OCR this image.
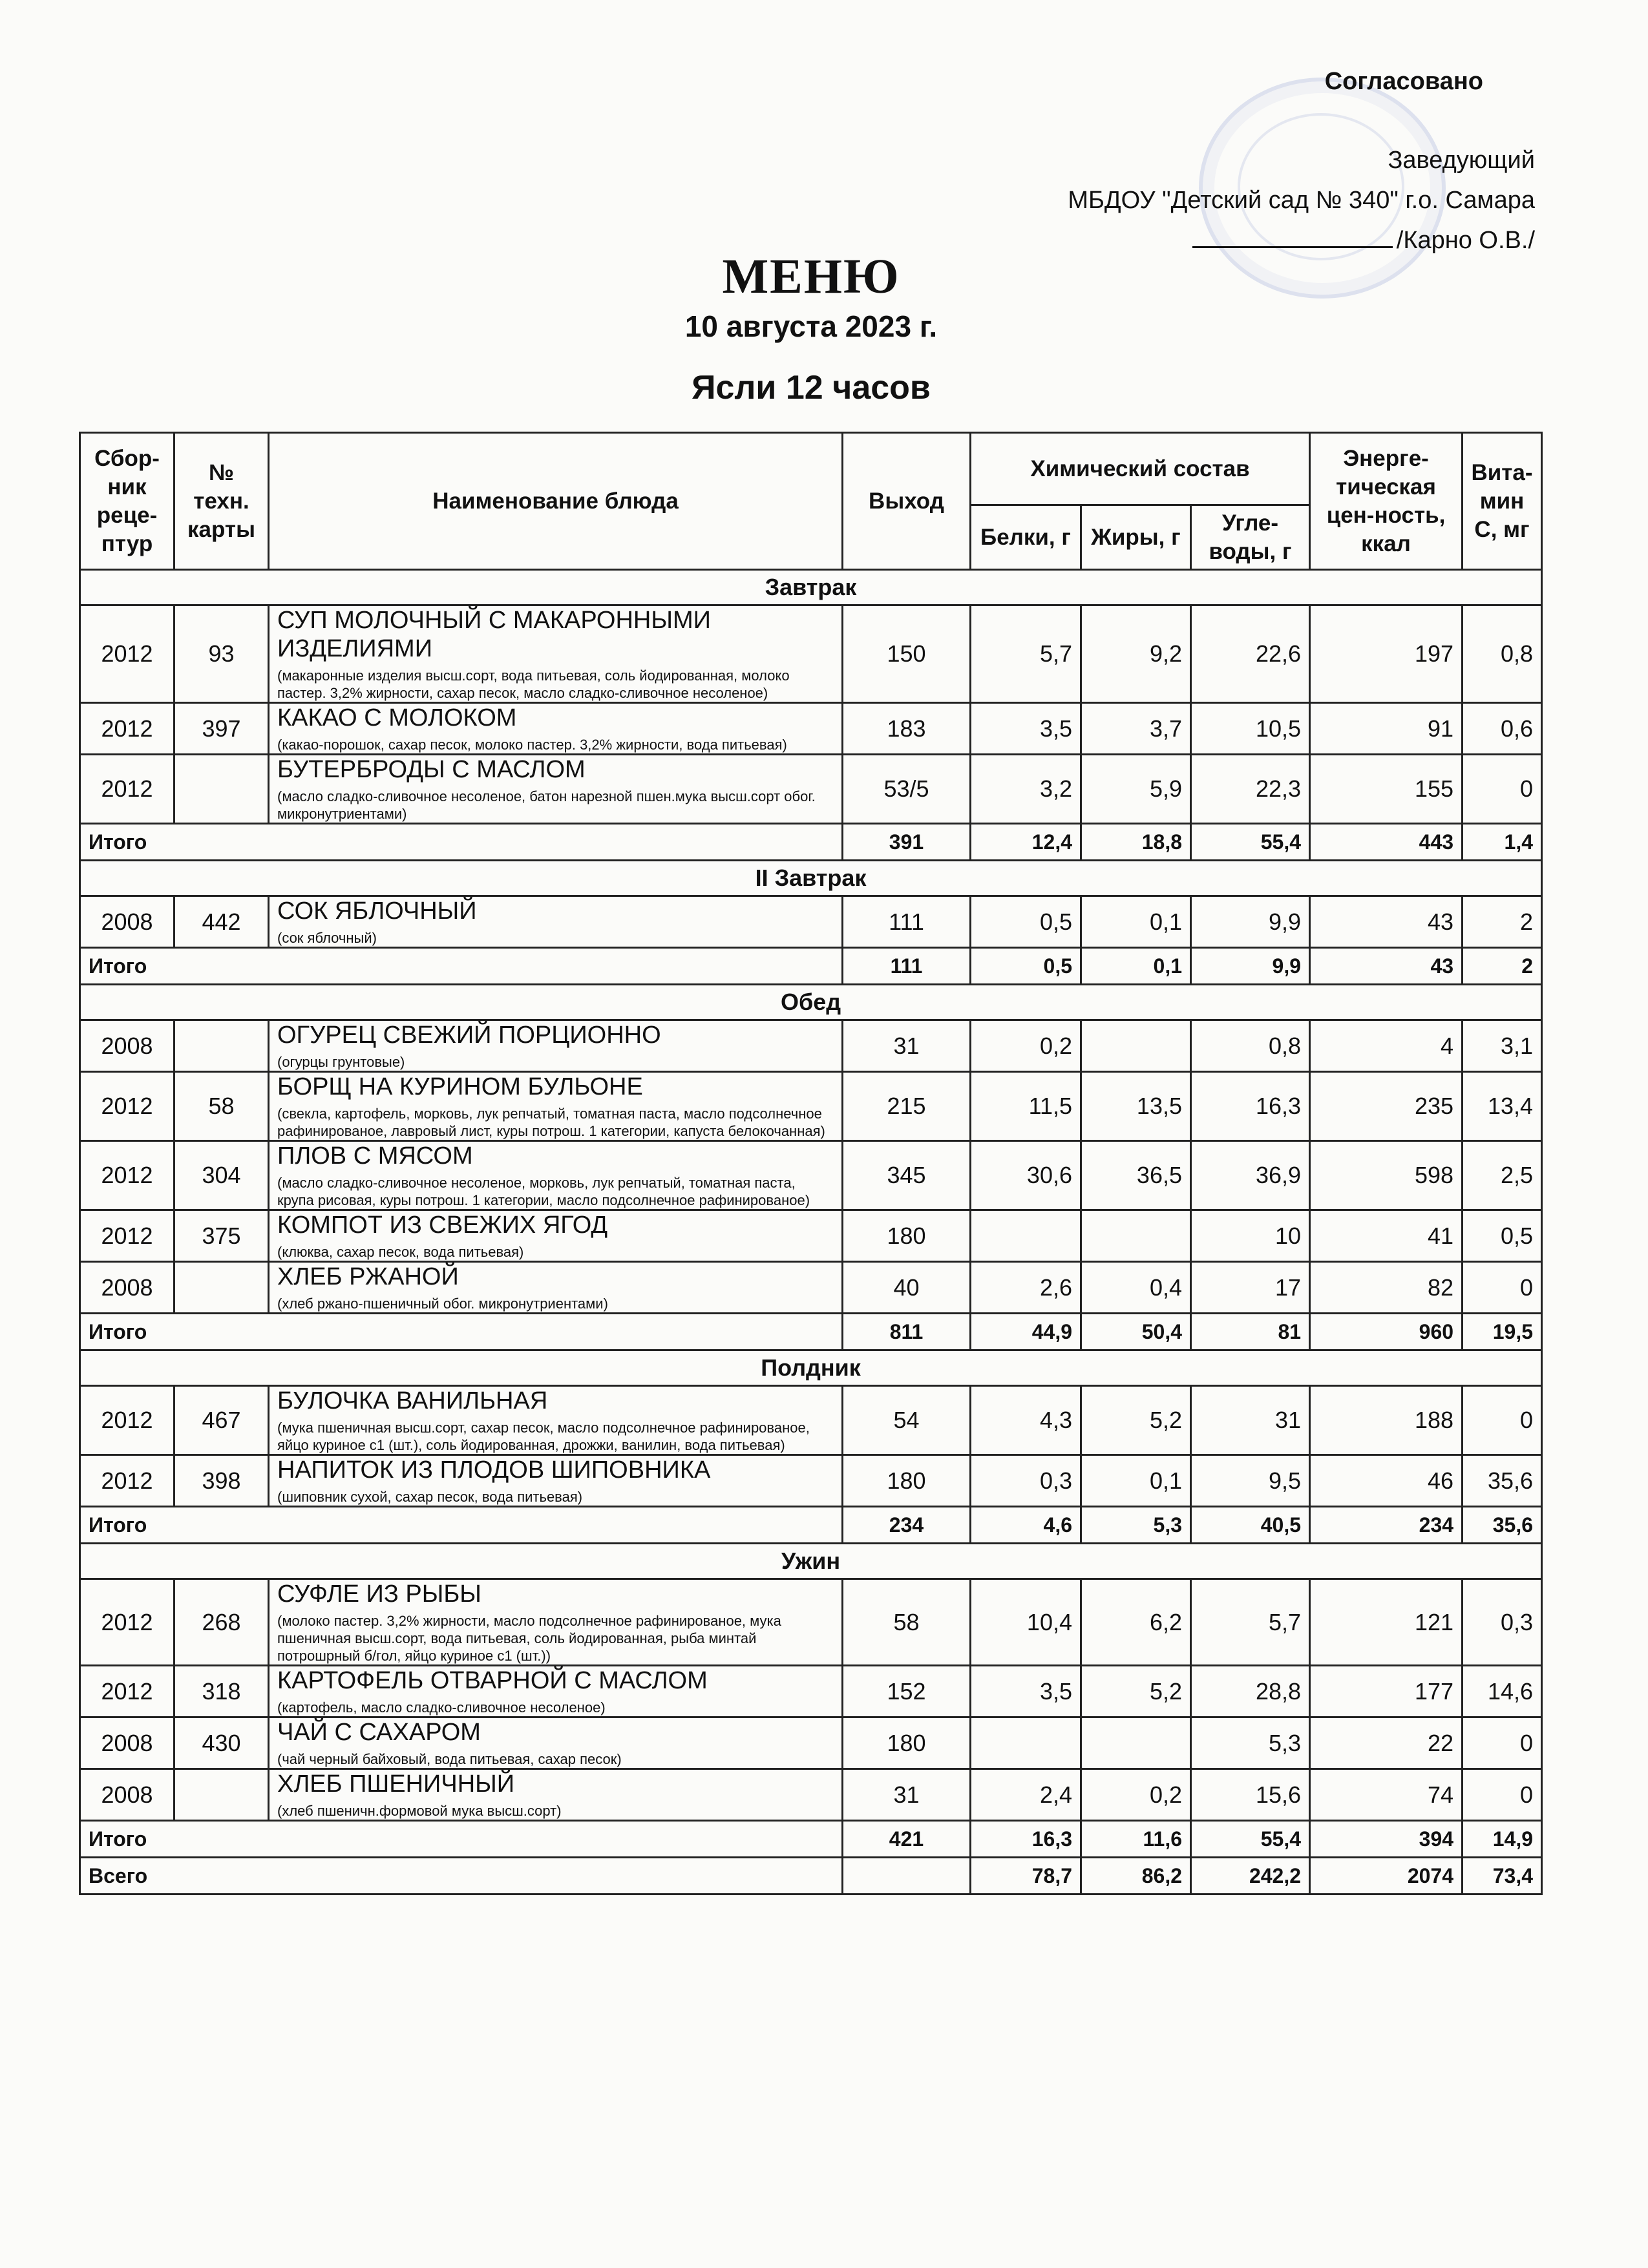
Согласовано
Заведующий
МБДОУ "Детский сад № 340" г.о. Самара
/Карно О.В./
МЕНЮ
10 августа 2023 г.
Ясли 12 часов
Сбор-ник реце-птур	№ техн. карты	Наименование блюда	Выход	Химический состав			Энерге-тическая цен-ность, ккал	Вита-мин С, мг
				Белки, г	Жиры, г	Угле-воды, г		
Завтрак								
2012	93	СУП МОЛОЧНЫЙ С МАКАРОННЫМИ ИЗДЕЛИЯМИ
(макаронные изделия высш.сорт, вода питьевая, соль йодированная, молоко пастер. 3,2% жирности, сахар песок, масло сладко-сливочное несоленое)	150	5,7	9,2	22,6	197	0,8
2012	397	КАКАО С МОЛОКОМ
(какао-порошок, сахар песок, молоко пастер. 3,2% жирности, вода питьевая)	183	3,5	3,7	10,5	91	0,6
2012		БУТЕРБРОДЫ С МАСЛОМ
(масло сладко-сливочное несоленое, батон нарезной пшен.мука высш.сорт обог. микронутриентами)	53/5	3,2	5,9	22,3	155	0
Итого			391	12,4	18,8	55,4	443	1,4
II Завтрак								
2008	442	СОК ЯБЛОЧНЫЙ
(сок яблочный)	111	0,5	0,1	9,9	43	2
Итого			111	0,5	0,1	9,9	43	2
Обед								
2008		ОГУРЕЦ СВЕЖИЙ ПОРЦИОННО
(огурцы грунтовые)	31	0,2		0,8	4	3,1
2012	58	БОРЩ НА КУРИНОМ БУЛЬОНЕ
(свекла, картофель, морковь, лук репчатый, томатная паста, масло подсолнечное рафинированое, лавровый лист, куры потрош. 1 категории, капуста белокочанная)	215	11,5	13,5	16,3	235	13,4
2012	304	ПЛОВ С МЯСОМ
(масло сладко-сливочное несоленое, морковь, лук репчатый, томатная паста, крупа рисовая, куры потрош. 1 категории, масло подсолнечное рафинированое)	345	30,6	36,5	36,9	598	2,5
2012	375	КОМПОТ ИЗ СВЕЖИХ ЯГОД
(клюква, сахар песок, вода питьевая)	180			10	41	0,5
2008		ХЛЕБ РЖАНОЙ
(хлеб ржано-пшеничный обог. микронутриентами)	40	2,6	0,4	17	82	0
Итого			811	44,9	50,4	81	960	19,5
Полдник								
2012	467	БУЛОЧКА ВАНИЛЬНАЯ
(мука пшеничная высш.сорт, сахар песок, масло подсолнечное рафинированое, яйцо куриное с1 (шт.), соль йодированная, дрожжи, ванилин, вода питьевая)	54	4,3	5,2	31	188	0
2012	398	НАПИТОК ИЗ ПЛОДОВ ШИПОВНИКА
(шиповник сухой, сахар песок, вода питьевая)	180	0,3	0,1	9,5	46	35,6
Итого			234	4,6	5,3	40,5	234	35,6
Ужин								
2012	268	СУФЛЕ ИЗ РЫБЫ
(молоко пастер. 3,2% жирности, масло подсолнечное рафинированое, мука пшеничная высш.сорт, вода питьевая, соль йодированная, рыба минтай потрошрный б/гол, яйцо куриное с1 (шт.))	58	10,4	6,2	5,7	121	0,3
2012	318	КАРТОФЕЛЬ ОТВАРНОЙ С МАСЛОМ
(картофель, масло сладко-сливочное несоленое)	152	3,5	5,2	28,8	177	14,6
2008	430	ЧАЙ С САХАРОМ
(чай черный байховый, вода питьевая, сахар песок)	180			5,3	22	0
2008		ХЛЕБ ПШЕНИЧНЫЙ
(хлеб пшеничн.формовой мука высш.сорт)	31	2,4	0,2	15,6	74	0
Итого			421	16,3	11,6	55,4	394	14,9
Всего				78,7	86,2	242,2	2074	73,4
